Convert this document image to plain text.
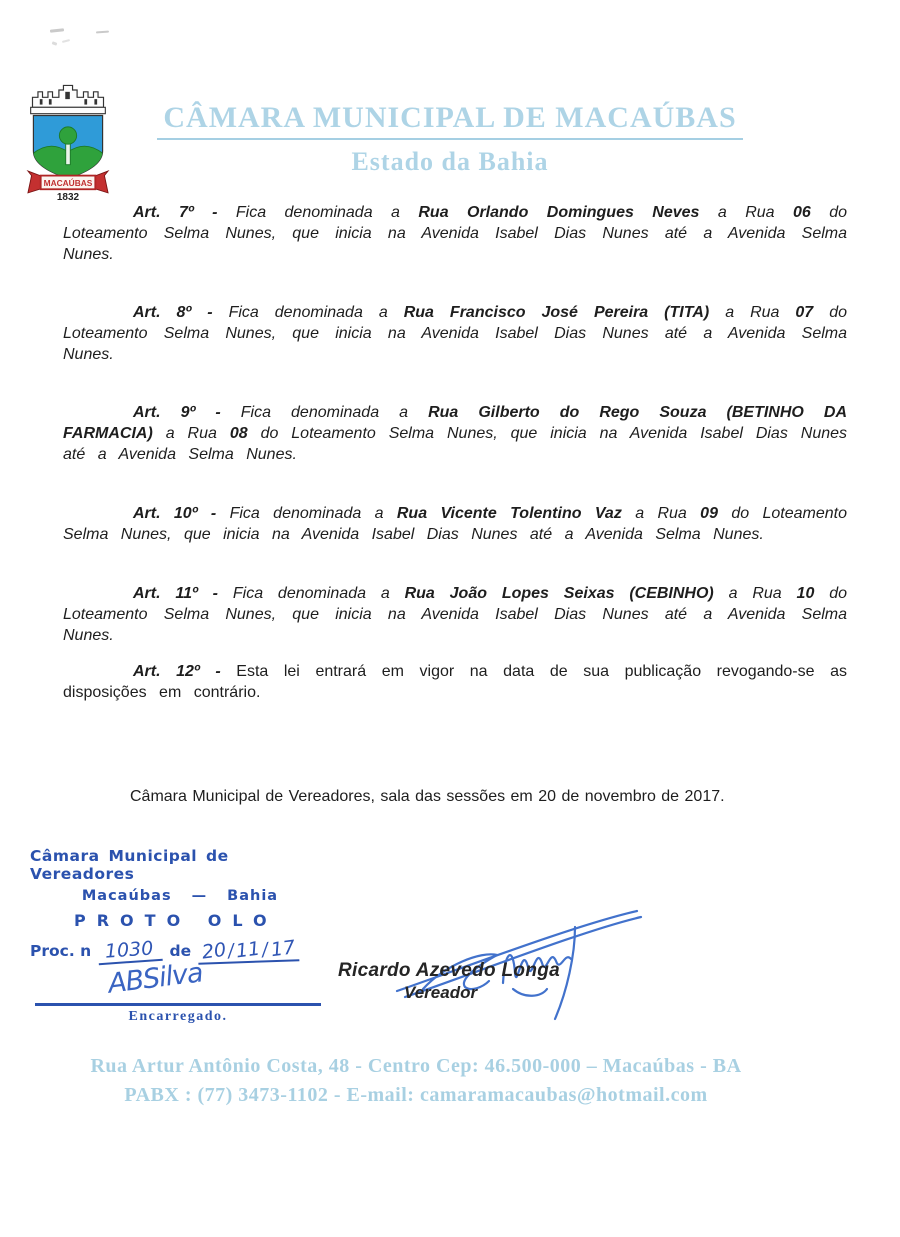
MACAÚBAS
1832
CÂMARA MUNICIPAL DE MACAÚBAS
Estado da Bahia

Art. 7º - Fica denominada a Rua Orlando Domingues Neves a Rua 06 do Loteamento Selma Nunes, que inicia na Avenida Isabel Dias Nunes até a Avenida Selma Nunes.

Art. 8º - Fica denominada a Rua Francisco José Pereira (TITA) a Rua 07 do Loteamento Selma Nunes, que inicia na Avenida Isabel Dias Nunes até a Avenida Selma Nunes.

Art. 9º - Fica denominada a Rua Gilberto do Rego Souza (BETINHO DA FARMACIA) a Rua 08 do Loteamento Selma Nunes, que inicia na Avenida Isabel Dias Nunes até a Avenida Selma Nunes.

Art. 10º - Fica denominada a Rua Vicente Tolentino Vaz a Rua 09 do Loteamento Selma Nunes, que inicia na Avenida Isabel Dias Nunes até a Avenida Selma Nunes.

Art. 11º - Fica denominada a Rua João Lopes Seixas (CEBINHO) a Rua 10 do Loteamento Selma Nunes, que inicia na Avenida Isabel Dias Nunes até a Avenida Selma Nunes.

Art. 12º - Esta lei entrará em vigor na data de sua publicação revogando-se as disposições em contrário.

Câmara Municipal de Vereadores, sala das sessões em 20 de novembro de 2017.

Câmara Municipal de Vereadores
Macaúbas — Bahia
PROTO OLO
Proc. n 1030 de 20/11/17
ABSilva
Encarregado.
Ricardo Azevedo Longa
Vereador
Rua Artur Antônio Costa, 48 - Centro Cep: 46.500-000 – Macaúbas - BA
PABX : (77) 3473-1102 - E-mail: camaramacaubas@hotmail.com
